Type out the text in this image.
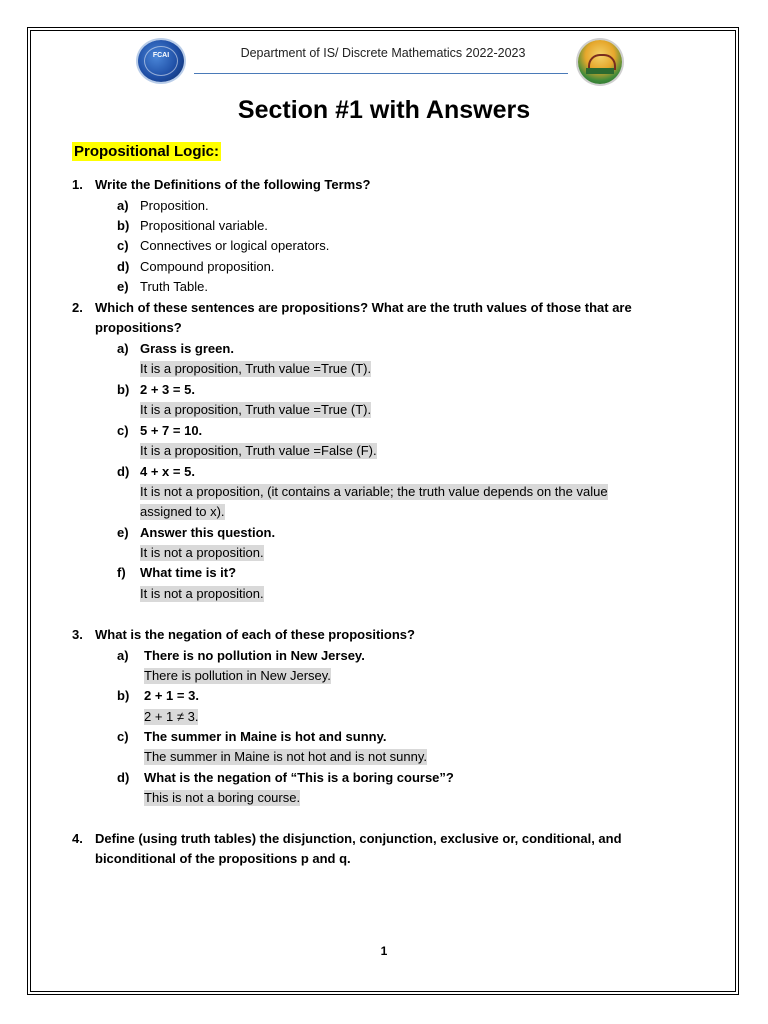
FCAI	Department of IS/ Discrete Mathematics 2022-2023
Section #1 with Answers
Propositional Logic:
1. Write the Definitions of the following Terms?
a) Proposition.
b) Propositional variable.
c) Connectives or logical operators.
d) Compound proposition.
e) Truth Table.
2. Which of these sentences are propositions? What are the truth values of those that are
propositions?
a) Grass is green.
It is a proposition, Truth value =True (T).
b) 2 + 3 = 5.
It is a proposition, Truth value =True (T).
c) 5 + 7 = 10.
It is a proposition, Truth value =False (F).
d) 4 + x = 5.
It is not a proposition, (it contains a variable; the truth value depends on the value
assigned to x).
e) Answer this question.
It is not a proposition.
f) What time is it?
It is not a proposition.
3. What is the negation of each of these propositions?
a) There is no pollution in New Jersey.
There is pollution in New Jersey.
b) 2 + 1 = 3.
2 + 1 ≠ 3.
c) The summer in Maine is hot and sunny.
The summer in Maine is not hot and is not sunny.
d) What is the negation of “This is a boring course”?
This is not a boring course.
4. Define (using truth tables) the disjunction, conjunction, exclusive or, conditional, and
biconditional of the propositions p and q.
1
